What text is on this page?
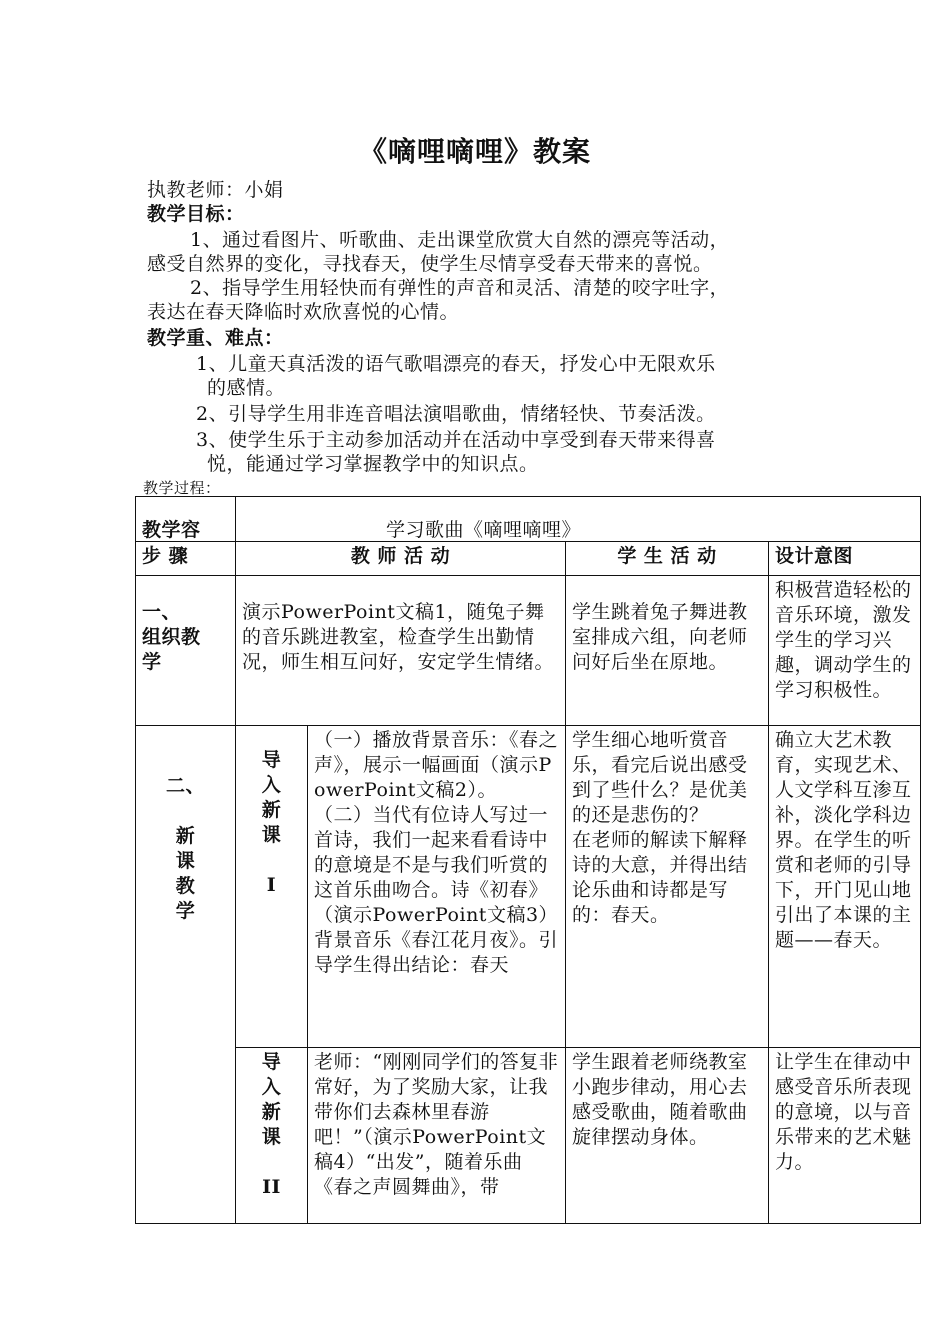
《嘀哩嘀哩》教案
执教老师：小娟
教学目标：
1、通过看图片、听歌曲、走出课堂欣赏大自然的漂亮等活动，
感受自然界的变化，寻找春天，使学生尽情享受春天带来的喜悦。
2、指导学生用轻快而有弹性的声音和灵活、清楚的咬字吐字，
表达在春天降临时欢欣喜悦的心情。
教学重、难点：
1、儿童天真活泼的语气歌唱漂亮的春天，抒发心中无限欢乐
的感情。
2、引导学生用非连音唱法演唱歌曲，情绪轻快、节奏活泼。
3、使学生乐于主动参加活动并在活动中享受到春天带来得喜
悦，能通过学习掌握教学中的知识点。
教学过程：

教学容	学习歌曲《嘀哩嘀哩》			

步 骤	教 师 活 动		学 生 活 动	设计意图
一、
组织教
学	演示PowerPoint文稿1，随兔子舞的音乐跳进教室，检查学生出勤情况，师生相互问好，安定学生情绪。		学生跳着兔子舞进教室排成六组，向老师问好后坐在原地。	积极营造轻松的音乐环境，激发学生的学习兴趣，调动学生的学习积极性。
二、

新
课
教
学	导
入
新
课

I	（一）播放背景音乐：《春之声》，展示一幅画面（演示PowerPoint文稿2）。
（二）当代有位诗人写过一首诗，我们一起来看看诗中的意境是不是与我们听赏的这首乐曲吻合。诗《初春》（演示PowerPoint文稿3）背景音乐《春江花月夜》。引导学生得出结论：春天	学生细心地听赏音乐，看完后说出感受到了些什么？是优美的还是悲伤的？
在老师的解读下解释诗的大意，并得出结论乐曲和诗都是写的：春天。	确立大艺术教育，实现艺术、人文学科互渗互补，淡化学科边界。在学生的听赏和老师的引导下，开门见山地引出了本课的主题——春天。
	导
入
新
课

II	老师：“刚刚同学们的答复非常好，为了奖励大家，让我带你们去森林里春游吧！”（演示PowerPoint文稿4）“出发”，随着乐曲《春之声圆舞曲》，带	学生跟着老师绕教室小跑步律动，用心去感受歌曲，随着歌曲旋律摆动身体。	让学生在律动中感受音乐所表现的意境，以与音乐带来的艺术魅力。
